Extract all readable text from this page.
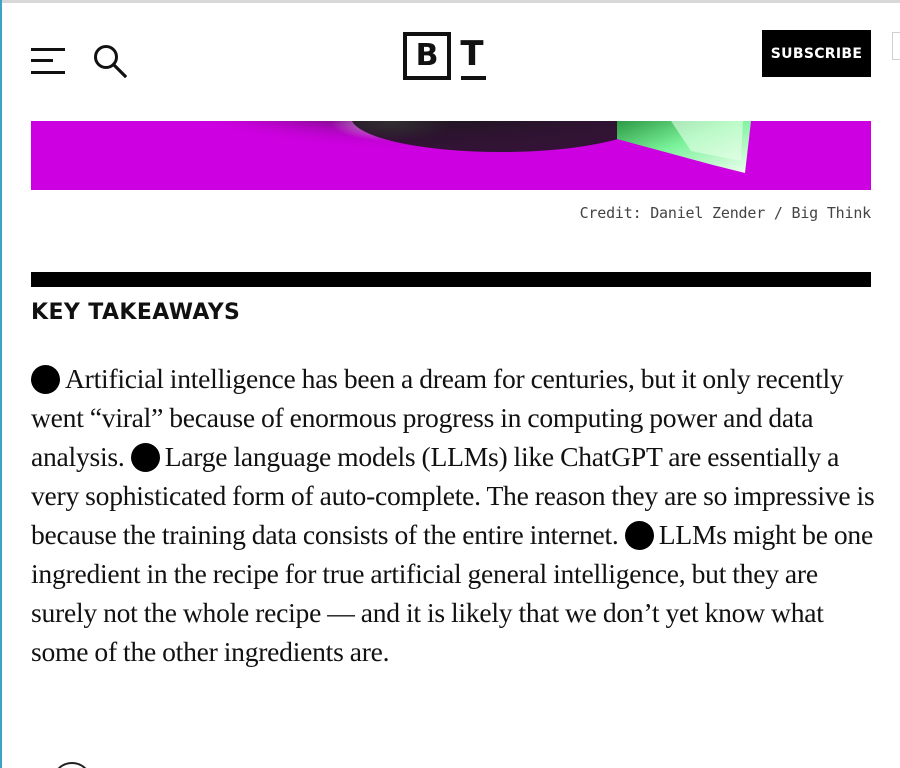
B T	SUBSCRIBE
Credit: Daniel Zender / Big Think
KEY TAKEAWAYS

Artificial intelligence has been a dream for centuries, but it only recently went “viral” because of enormous progress in computing power and data analysis. Large language models (LLMs) like ChatGPT are essentially a very sophisticated form of auto-complete. The reason they are so impressive is because the training data consists of the entire internet. LLMs might be one ingredient in the recipe for true artificial general intelligence, but they are surely not the whole recipe — and it is likely that we don’t yet know what some of the other ingredients are.
